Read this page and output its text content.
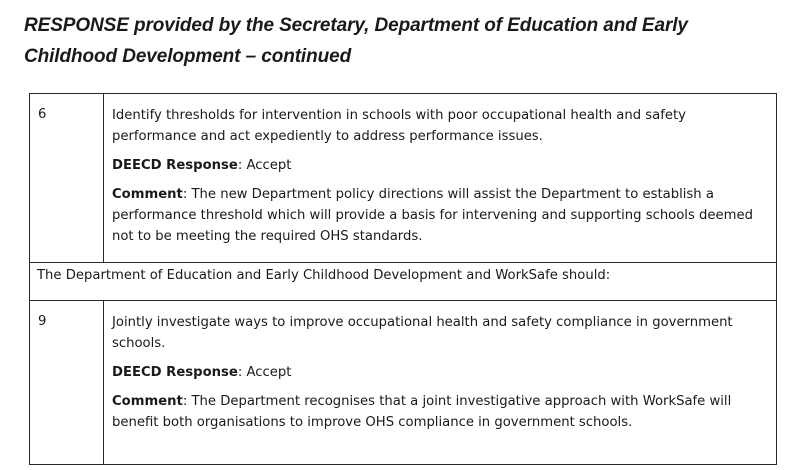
RESPONSE provided by the Secretary, Department of Education and Early
Childhood Development – continued
6	Identify thresholds for intervention in schools with poor occupational health and safety performance and act expediently to address performance issues.

DEECD Response: Accept

Comment: The new Department policy directions will assist the Department to establish a performance threshold which will provide a basis for intervening and supporting schools deemed not to be meeting the required OHS standards.

The Department of Education and Early Childhood Development and WorkSafe should:	
9	Jointly investigate ways to improve occupational health and safety compliance in government schools.

DEECD Response: Accept

Comment: The Department recognises that a joint investigative approach with WorkSafe will benefit both organisations to improve OHS compliance in government schools.
